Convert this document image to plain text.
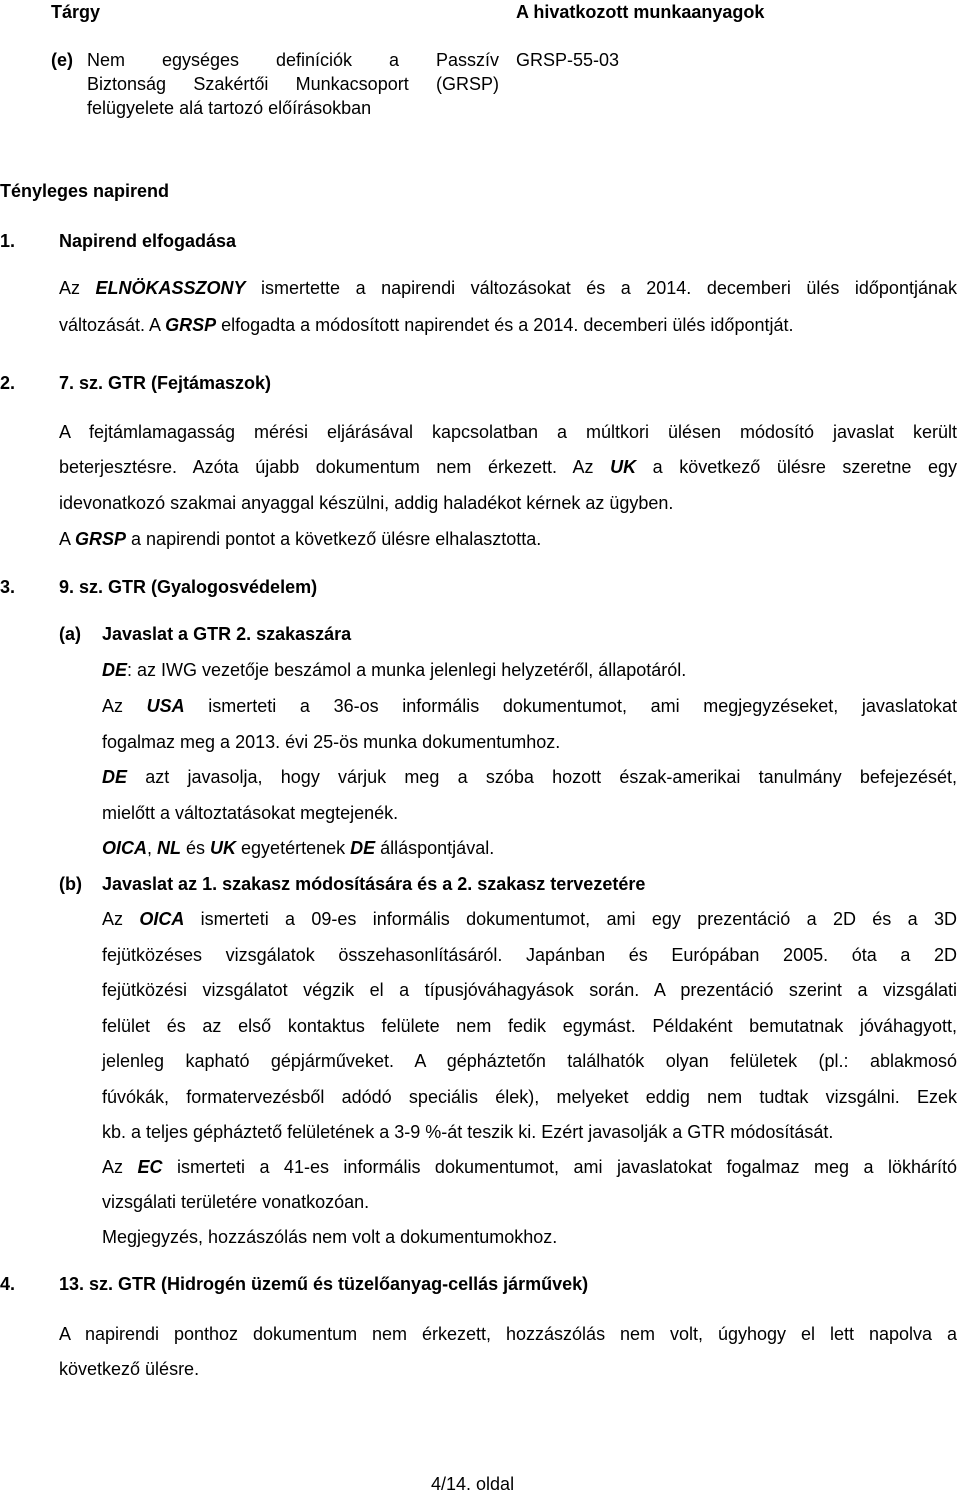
Tárgy	A hivatkozott munkaanyagok
(e) Nem egységes definíciók a Passzív
Biztonság Szakértői Munkacsoport (GRSP)
felügyelete alá tartozó előírásokban
GRSP-55-03
Tényleges napirend
1. Napirend elfogadása
Az ELNÖKASSZONY ismertette a napirendi változásokat és a 2014. decemberi ülés időpontjának
változását. A GRSP elfogadta a módosított napirendet és a 2014. decemberi ülés időpontját.
2. 7. sz. GTR (Fejtámaszok)
A fejtámlamagasság mérési eljárásával kapcsolatban a múltkori ülésen módosító javaslat került
beterjesztésre. Azóta újabb dokumentum nem érkezett. Az UK a következő ülésre szeretne egy
idevonatkozó szakmai anyaggal készülni, addig haladékot kérnek az ügyben.
A GRSP a napirendi pontot a következő ülésre elhalasztotta.
3. 9. sz. GTR (Gyalogosvédelem)
(a) Javaslat a GTR 2. szakaszára
DE: az IWG vezetője beszámol a munka jelenlegi helyzetéről, állapotáról.
Az USA ismerteti a 36-os informális dokumentumot, ami megjegyzéseket, javaslatokat
fogalmaz meg a 2013. évi 25-ös munka dokumentumhoz.
DE azt javasolja, hogy várjuk meg a szóba hozott észak-amerikai tanulmány befejezését,
mielőtt a változtatásokat megtejenék.
OICA, NL és UK egyetértenek DE álláspontjával.
(b) Javaslat az 1. szakasz módosítására és a 2. szakasz tervezetére
Az OICA ismerteti a 09-es informális dokumentumot, ami egy prezentáció a 2D és a 3D
fejütközéses vizsgálatok összehasonlításáról. Japánban és Európában 2005. óta a 2D
fejütközési vizsgálatot végzik el a típusjóváhagyások során. A prezentáció szerint a vizsgálati
felület és az első kontaktus felülete nem fedik egymást. Példaként bemutatnak jóváhagyott,
jelenleg kapható gépjárműveket. A gépháztetőn találhatók olyan felületek (pl.: ablakmosó
fúvókák, formatervezésből adódó speciális élek), melyeket eddig nem tudtak vizsgálni. Ezek
kb. a teljes gépháztető felületének a 3-9 %-át teszik ki. Ezért javasolják a GTR módosítását.
Az EC ismerteti a 41-es informális dokumentumot, ami javaslatokat fogalmaz meg a lökhárító
vizsgálati területére vonatkozóan.
Megjegyzés, hozzászólás nem volt a dokumentumokhoz.
4. 13. sz. GTR (Hidrogén üzemű és tüzelőanyag-cellás járművek)
A napirendi ponthoz dokumentum nem érkezett, hozzászólás nem volt, úgyhogy el lett napolva a
következő ülésre.
4/14. oldal
